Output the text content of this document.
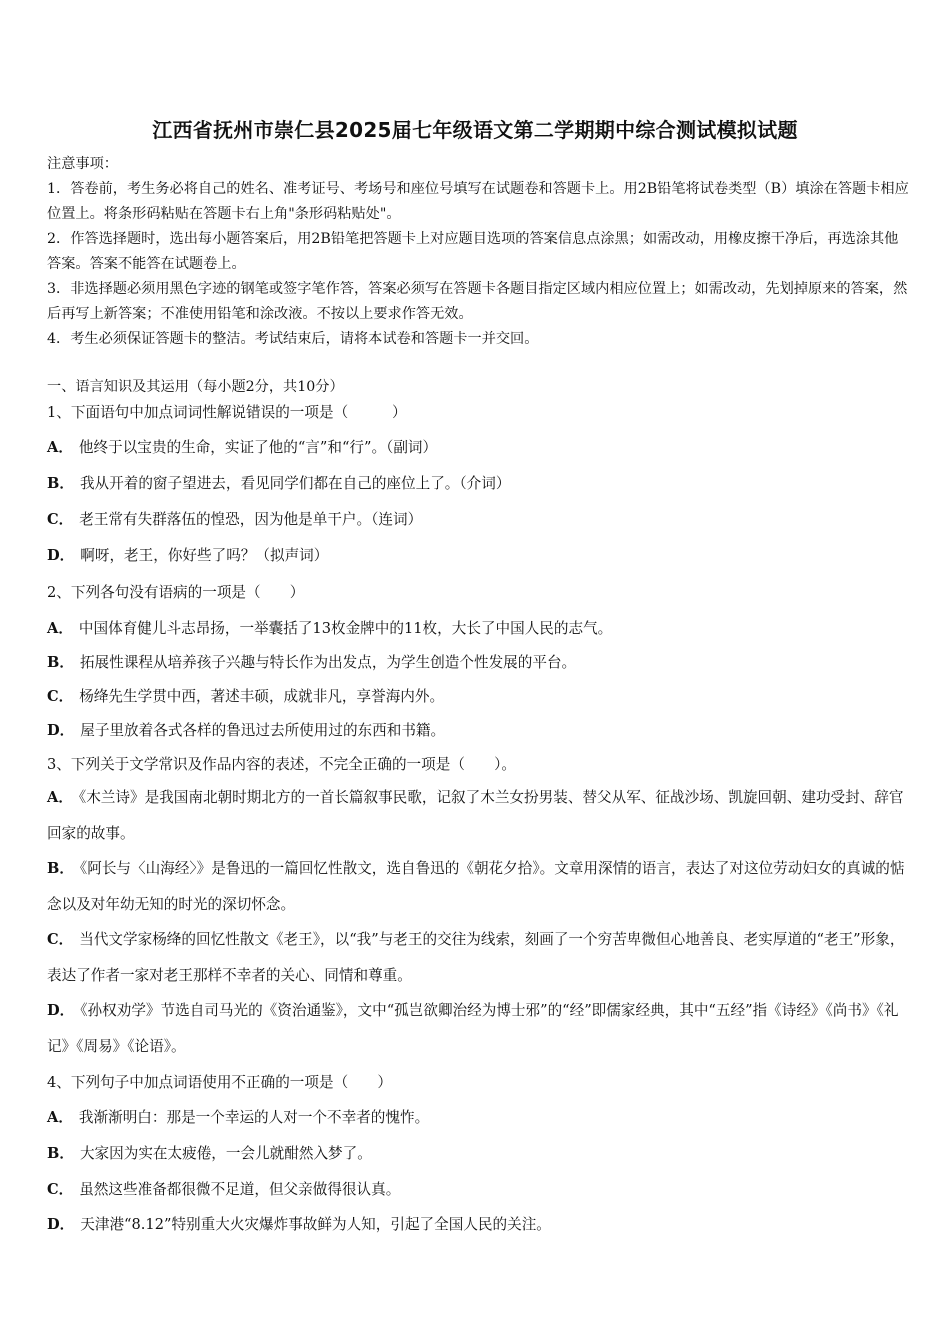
江西省抚州市崇仁县2025届七年级语文第二学期期中综合测试模拟试题

注意事项：

1．答卷前，考生务必将自己的姓名、准考证号、考场号和座位号填写在试题卷和答题卡上。用2B铅笔将试卷类型（B）填涂在答题卡相应位置上。将条形码粘贴在答题卡右上角"条形码粘贴处"。

2．作答选择题时，选出每小题答案后，用2B铅笔把答题卡上对应题目选项的答案信息点涂黑；如需改动，用橡皮擦干净后，再选涂其他答案。答案不能答在试题卷上。

3．非选择题必须用黑色字迹的钢笔或签字笔作答，答案必须写在答题卡各题目指定区域内相应位置上；如需改动，先划掉原来的答案，然后再写上新答案；不准使用铅笔和涂改液。不按以上要求作答无效。

4．考生必须保证答题卡的整洁。考试结束后，请将本试卷和答题卡一并交回。

一、语言知识及其运用（每小题2分，共10分）
1、下面语句中加点词词性解说错误的一项是（　　　）
A． 他终于以宝贵的生命，实证了他的“言”和“行”。（副词）
B． 我从开着的窗子望进去，看见同学们都在自己的座位上了。（介词）
C． 老王常有失群落伍的惶恐，因为他是单干户。（连词）
D． 啊呀，老王，你好些了吗？（拟声词）
2、下列各句没有语病的一项是（　　）
A． 中国体育健儿斗志昂扬，一举囊括了13枚金牌中的11枚，大长了中国人民的志气。
B． 拓展性课程从培养孩子兴趣与特长作为出发点，为学生创造个性发展的平台。
C． 杨绛先生学贯中西，著述丰硕，成就非凡，享誉海内外。
D． 屋子里放着各式各样的鲁迅过去所使用过的东西和书籍。
3、下列关于文学常识及作品内容的表述，不完全正确的一项是（　　）。
A． 《木兰诗》是我国南北朝时期北方的一首长篇叙事民歌，记叙了木兰女扮男装、替父从军、征战沙场、凯旋回朝、建功受封、辞官回家的故事。
B． 《阿长与〈山海经〉》是鲁迅的一篇回忆性散文，选自鲁迅的《朝花夕拾》。文章用深情的语言，表达了对这位劳动妇女的真诚的惦念以及对年幼无知的时光的深切怀念。
C． 当代文学家杨绛的回忆性散文《老王》，以“我”与老王的交往为线索，刻画了一个穷苦卑微但心地善良、老实厚道的“老王”形象，表达了作者一家对老王那样不幸者的关心、同情和尊重。
D． 《孙权劝学》节选自司马光的《资治通鉴》，文中“孤岂欲卿治经为博士邪”的“经”即儒家经典，其中“五经”指《诗经》《尚书》《礼记》《周易》《论语》。
4、下列句子中加点词语使用不正确的一项是（　　）
A． 我渐渐明白：那是一个幸运的人对一个不幸者的愧怍。
B． 大家因为实在太疲倦，一会儿就酣然入梦了。
C． 虽然这些准备都很微不足道，但父亲做得很认真。
D． 天津港“8.12”特别重大火灾爆炸事故鲜为人知，引起了全国人民的关注。
